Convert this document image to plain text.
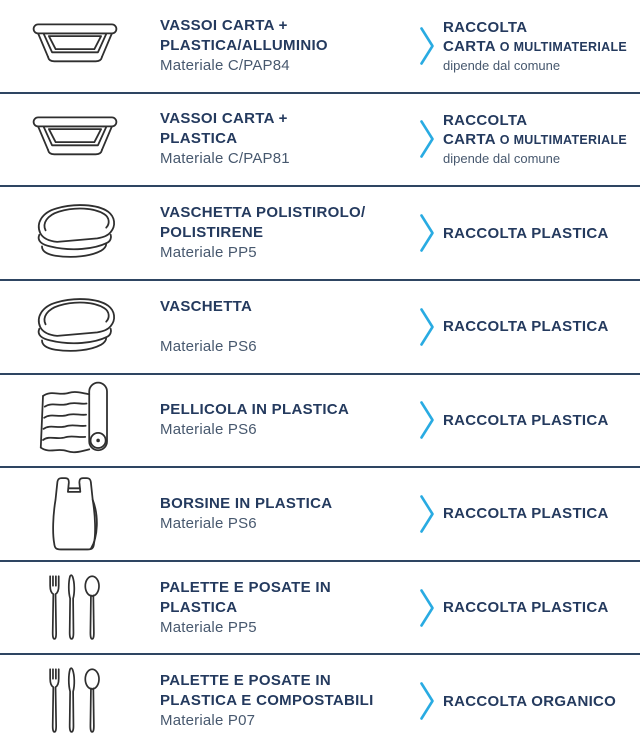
VASSOI CARTA +
PLASTICA/ALLUMINIO
Materiale C/PAP84
RACCOLTA
CARTA O MULTIMATERIALE
dipende dal comune
VASSOI CARTA +
PLASTICA
Materiale C/PAP81
RACCOLTA
CARTA O MULTIMATERIALE
dipende dal comune
VASCHETTA POLISTIROLO/
POLISTIRENE
Materiale PP5
RACCOLTA PLASTICA
VASCHETTA

Materiale PS6
RACCOLTA PLASTICA
PELLICOLA IN PLASTICA
Materiale PS6
RACCOLTA PLASTICA
BORSINE IN PLASTICA
Materiale PS6
RACCOLTA PLASTICA
PALETTE E POSATE IN
PLASTICA
Materiale PP5
RACCOLTA PLASTICA
PALETTE E POSATE IN
PLASTICA E COMPOSTABILI
Materiale P07
RACCOLTA ORGANICO
